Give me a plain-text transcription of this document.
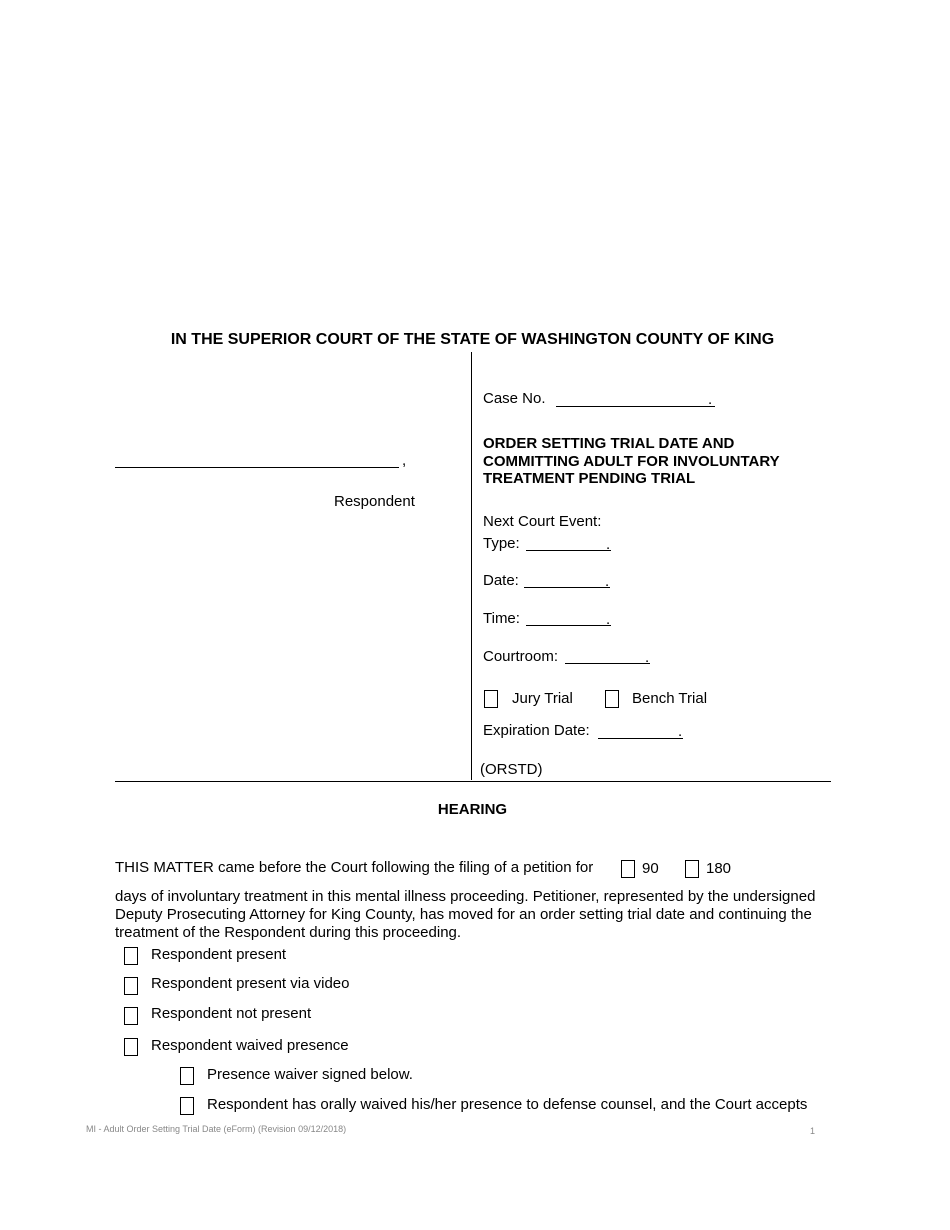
IN THE SUPERIOR COURT OF THE STATE OF WASHINGTON COUNTY OF KING
,
Respondent
Case No.	.
ORDER SETTING TRIAL DATE AND
COMMITTING ADULT FOR INVOLUNTARY
TREATMENT PENDING TRIAL
Next Court Event:
Type:	.
Date:	.
Time:	.
Courtroom:	.
Jury Trial	Bench Trial
Expiration Date:	.
(ORSTD)
HEARING
THIS MATTER came before the Court following the filing of a petition for	90	180
days of involuntary treatment in this mental illness proceeding. Petitioner, represented by the undersigned Deputy Prosecuting Attorney for King County, has moved for an order setting trial date and continuing the treatment of the Respondent during this proceeding.
Respondent present
Respondent present via video
Respondent not present
Respondent waived presence
Presence waiver signed below.
Respondent has orally waived his/her presence to defense counsel, and the Court accepts
MI - Adult Order Setting Trial Date (eForm) (Revision 09/12/2018)	1
